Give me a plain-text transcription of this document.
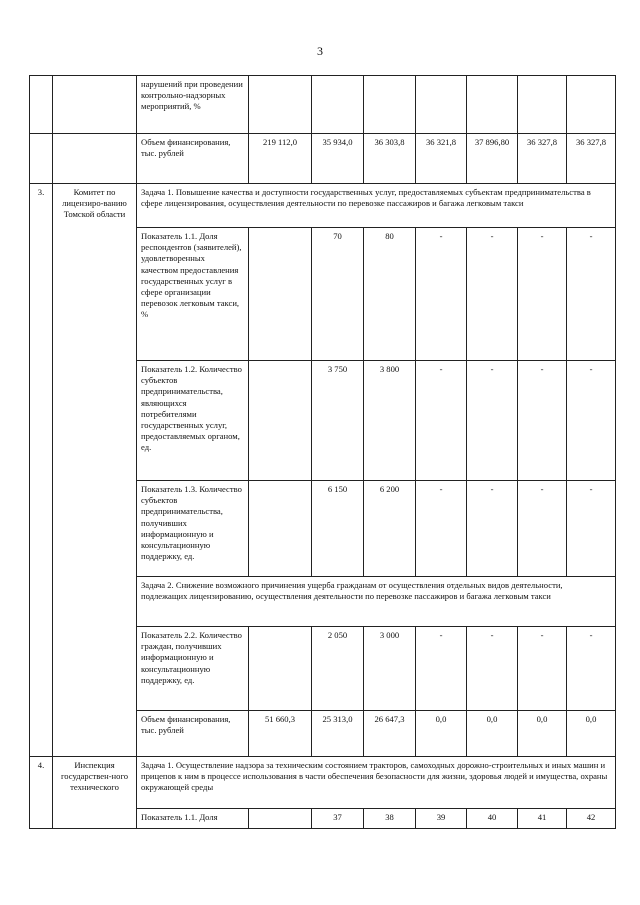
3
		нарушений при проведении контрольно-надзорных мероприятий, %							
		Объем финансирования, тыс. рублей	219 112,0	35 934,0	36 303,8	36 321,8	37 896,80	36 327,8	36 327,8
3.	Комитет по лицензиро-ванию Томской области	Задача 1. Повышение качества и доступности государственных услуг, предоставляемых субъектам предпринимательства в сфере лицензирования, осуществления деятельности по перевозке пассажиров и багажа легковым такси							
		Показатель 1.1. Доля респондентов (заявителей), удовлетворенных качеством предоставления государственных услуг в сфере организации перевозок легковым такси, %		70	80	-	-	-	-
		Показатель 1.2. Количество субъектов предпринимательства, являющихся потребителями государственных услуг, предоставляемых органом, ед.		3 750	3 800	-	-	-	-
		Показатель 1.3. Количество субъектов предпринимательства, получивших информационную и консультационную поддержку, ед.		6 150	6 200	-	-	-	-
		Задача 2. Снижение возможного причинения ущерба гражданам от осуществления отдельных видов деятельности, подлежащих лицензированию, осуществления деятельности по перевозке пассажиров и багажа легковым такси							
		Показатель 2.2. Количество граждан, получивших информационную и консультационную поддержку, ед.		2 050	3 000	-	-	-	-
		Объем финансирования, тыс. рублей	51 660,3	25 313,0	26 647,3	0,0	0,0	0,0	0,0
4.	Инспекция государствен-ного технического	Задача 1. Осуществление надзора за техническим состоянием тракторов, самоходных дорожно-строительных и иных машин и прицепов к ним в процессе использования в части обеспечения безопасности для жизни, здоровья людей и имущества, охраны окружающей среды							
		Показатель 1.1. Доля		37	38	39	40	41	42
